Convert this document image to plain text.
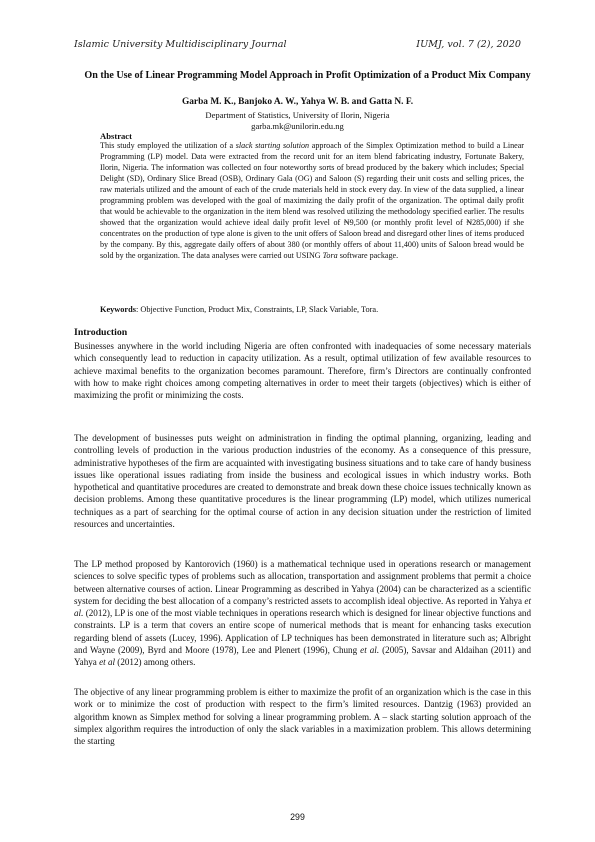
Islamic University Multidisciplinary Journal	IUMJ, vol. 7 (2), 2020
On the Use of Linear Programming Model Approach in Profit Optimization of a Product Mix Company
Garba M. K., Banjoko A. W., Yahya W. B. and Gatta N. F.
Department of Statistics, University of Ilorin, Nigeria
garba.mk@unilorin.edu.ng
Abstract

This study employed the utilization of a slack starting solution approach of the Simplex Optimization method to build a Linear Programming (LP) model. Data were extracted from the record unit for an item blend fabricating industry, Fortunate Bakery, Ilorin, Nigeria. The information was collected on four noteworthy sorts of bread produced by the bakery which includes; Special Delight (SD), Ordinary Slice Bread (OSB), Ordinary Gala (OG) and Saloon (S) regarding their unit costs and selling prices, the raw materials utilized and the amount of each of the crude materials held in stock every day. In view of the data supplied, a linear programming problem was developed with the goal of maximizing the daily profit of the organization. The optimal daily profit that would be achievable to the organization in the item blend was resolved utilizing the methodology specified earlier. The results showed that the organization would achieve ideal daily profit level of ₦9,500 (or monthly profit level of ₦285,000) if she concentrates on the production of type alone is given to the unit offers of Saloon bread and disregard other lines of items produced by the company. By this, aggregate daily offers of about 380 (or monthly offers of about 11,400) units of Saloon bread would be sold by the organization. The data analyses were carried out USING Tora software package.

Keywords: Objective Function, Product Mix, Constraints, LP, Slack Variable, Tora.
Introduction

Businesses anywhere in the world including Nigeria are often confronted with inadequacies of some necessary materials which consequently lead to reduction in capacity utilization. As a result, optimal utilization of few available resources to achieve maximal benefits to the organization becomes paramount. Therefore, firm’s Directors are continually confronted with how to make right choices among competing alternatives in order to meet their targets (objectives) which is either of maximizing the profit or minimizing the costs.

The development of businesses puts weight on administration in finding the optimal planning, organizing, leading and controlling levels of production in the various production industries of the economy. As a consequence of this pressure, administrative hypotheses of the firm are acquainted with investigating business situations and to take care of handy business issues like operational issues radiating from inside the business and ecological issues in which industry works. Both hypothetical and quantitative procedures are created to demonstrate and break down these choice issues technically known as decision problems. Among these quantitative procedures is the linear programming (LP) model, which utilizes numerical techniques as a part of searching for the optimal course of action in any decision situation under the restriction of limited resources and uncertainties.

The LP method proposed by Kantorovich (1960) is a mathematical technique used in operations research or management sciences to solve specific types of problems such as allocation, transportation and assignment problems that permit a choice between alternative courses of action. Linear Programming as described in Yahya (2004) can be characterized as a scientific system for deciding the best allocation of a company’s restricted assets to accomplish ideal objective. As reported in Yahya et al. (2012), LP is one of the most viable techniques in operations research which is designed for linear objective functions and constraints. LP is a term that covers an entire scope of numerical methods that is meant for enhancing tasks execution regarding blend of assets (Lucey, 1996). Application of LP techniques has been demonstrated in literature such as; Albright and Wayne (2009), Byrd and Moore (1978), Lee and Plenert (1996), Chung et al. (2005), Savsar and Aldaihan (2011) and Yahya et al (2012) among others.

The objective of any linear programming problem is either to maximize the profit of an organization which is the case in this work or to minimize the cost of production with respect to the firm’s limited resources. Dantzig (1963) provided an algorithm known as Simplex method for solving a linear programming problem. A – slack starting solution approach of the simplex algorithm requires the introduction of only the slack variables in a maximization problem. This allows determining the starting

299
